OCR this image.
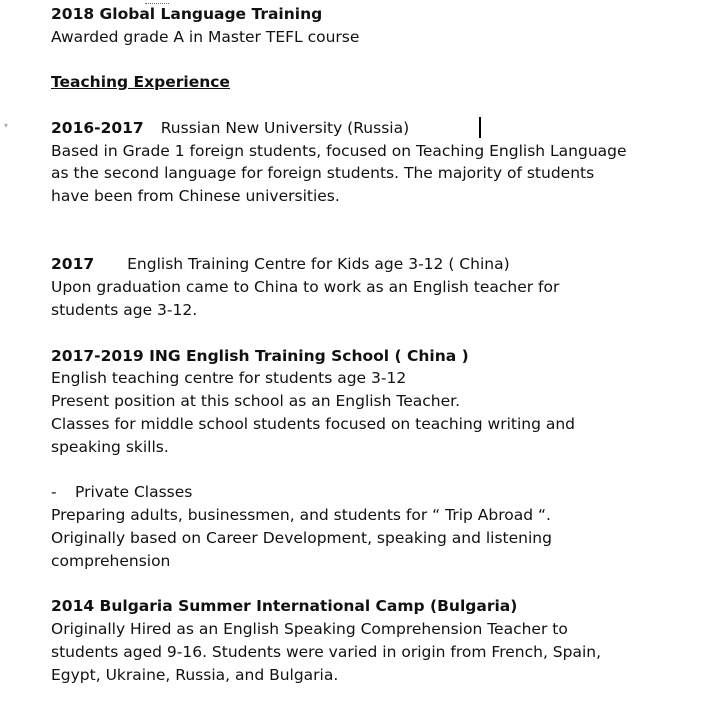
2018 Global Language Training
Awarded grade A in Master TEFL course
Teaching Experience
▾	2016-2017 Russian New University (Russia)
Based in Grade 1 foreign students, focused on Teaching English Language
as the second language for foreign students. The majority of students
have been from Chinese universities.
2017 English Training Centre for Kids age 3-12 ( China)
Upon graduation came to China to work as an English teacher for
students age 3-12.
2017-2019 ING English Training School ( China )
English teaching centre for students age 3-12
Present position at this school as an English Teacher.
Classes for middle school students focused on teaching writing and
speaking skills.
- Private Classes
Preparing adults, businessmen, and students for “ Trip Abroad “.
Originally based on Career Development, speaking and listening
comprehension
2014 Bulgaria Summer International Camp (Bulgaria)
Originally Hired as an English Speaking Comprehension Teacher to
students aged 9-16. Students were varied in origin from French, Spain,
Egypt, Ukraine, Russia, and Bulgaria.
